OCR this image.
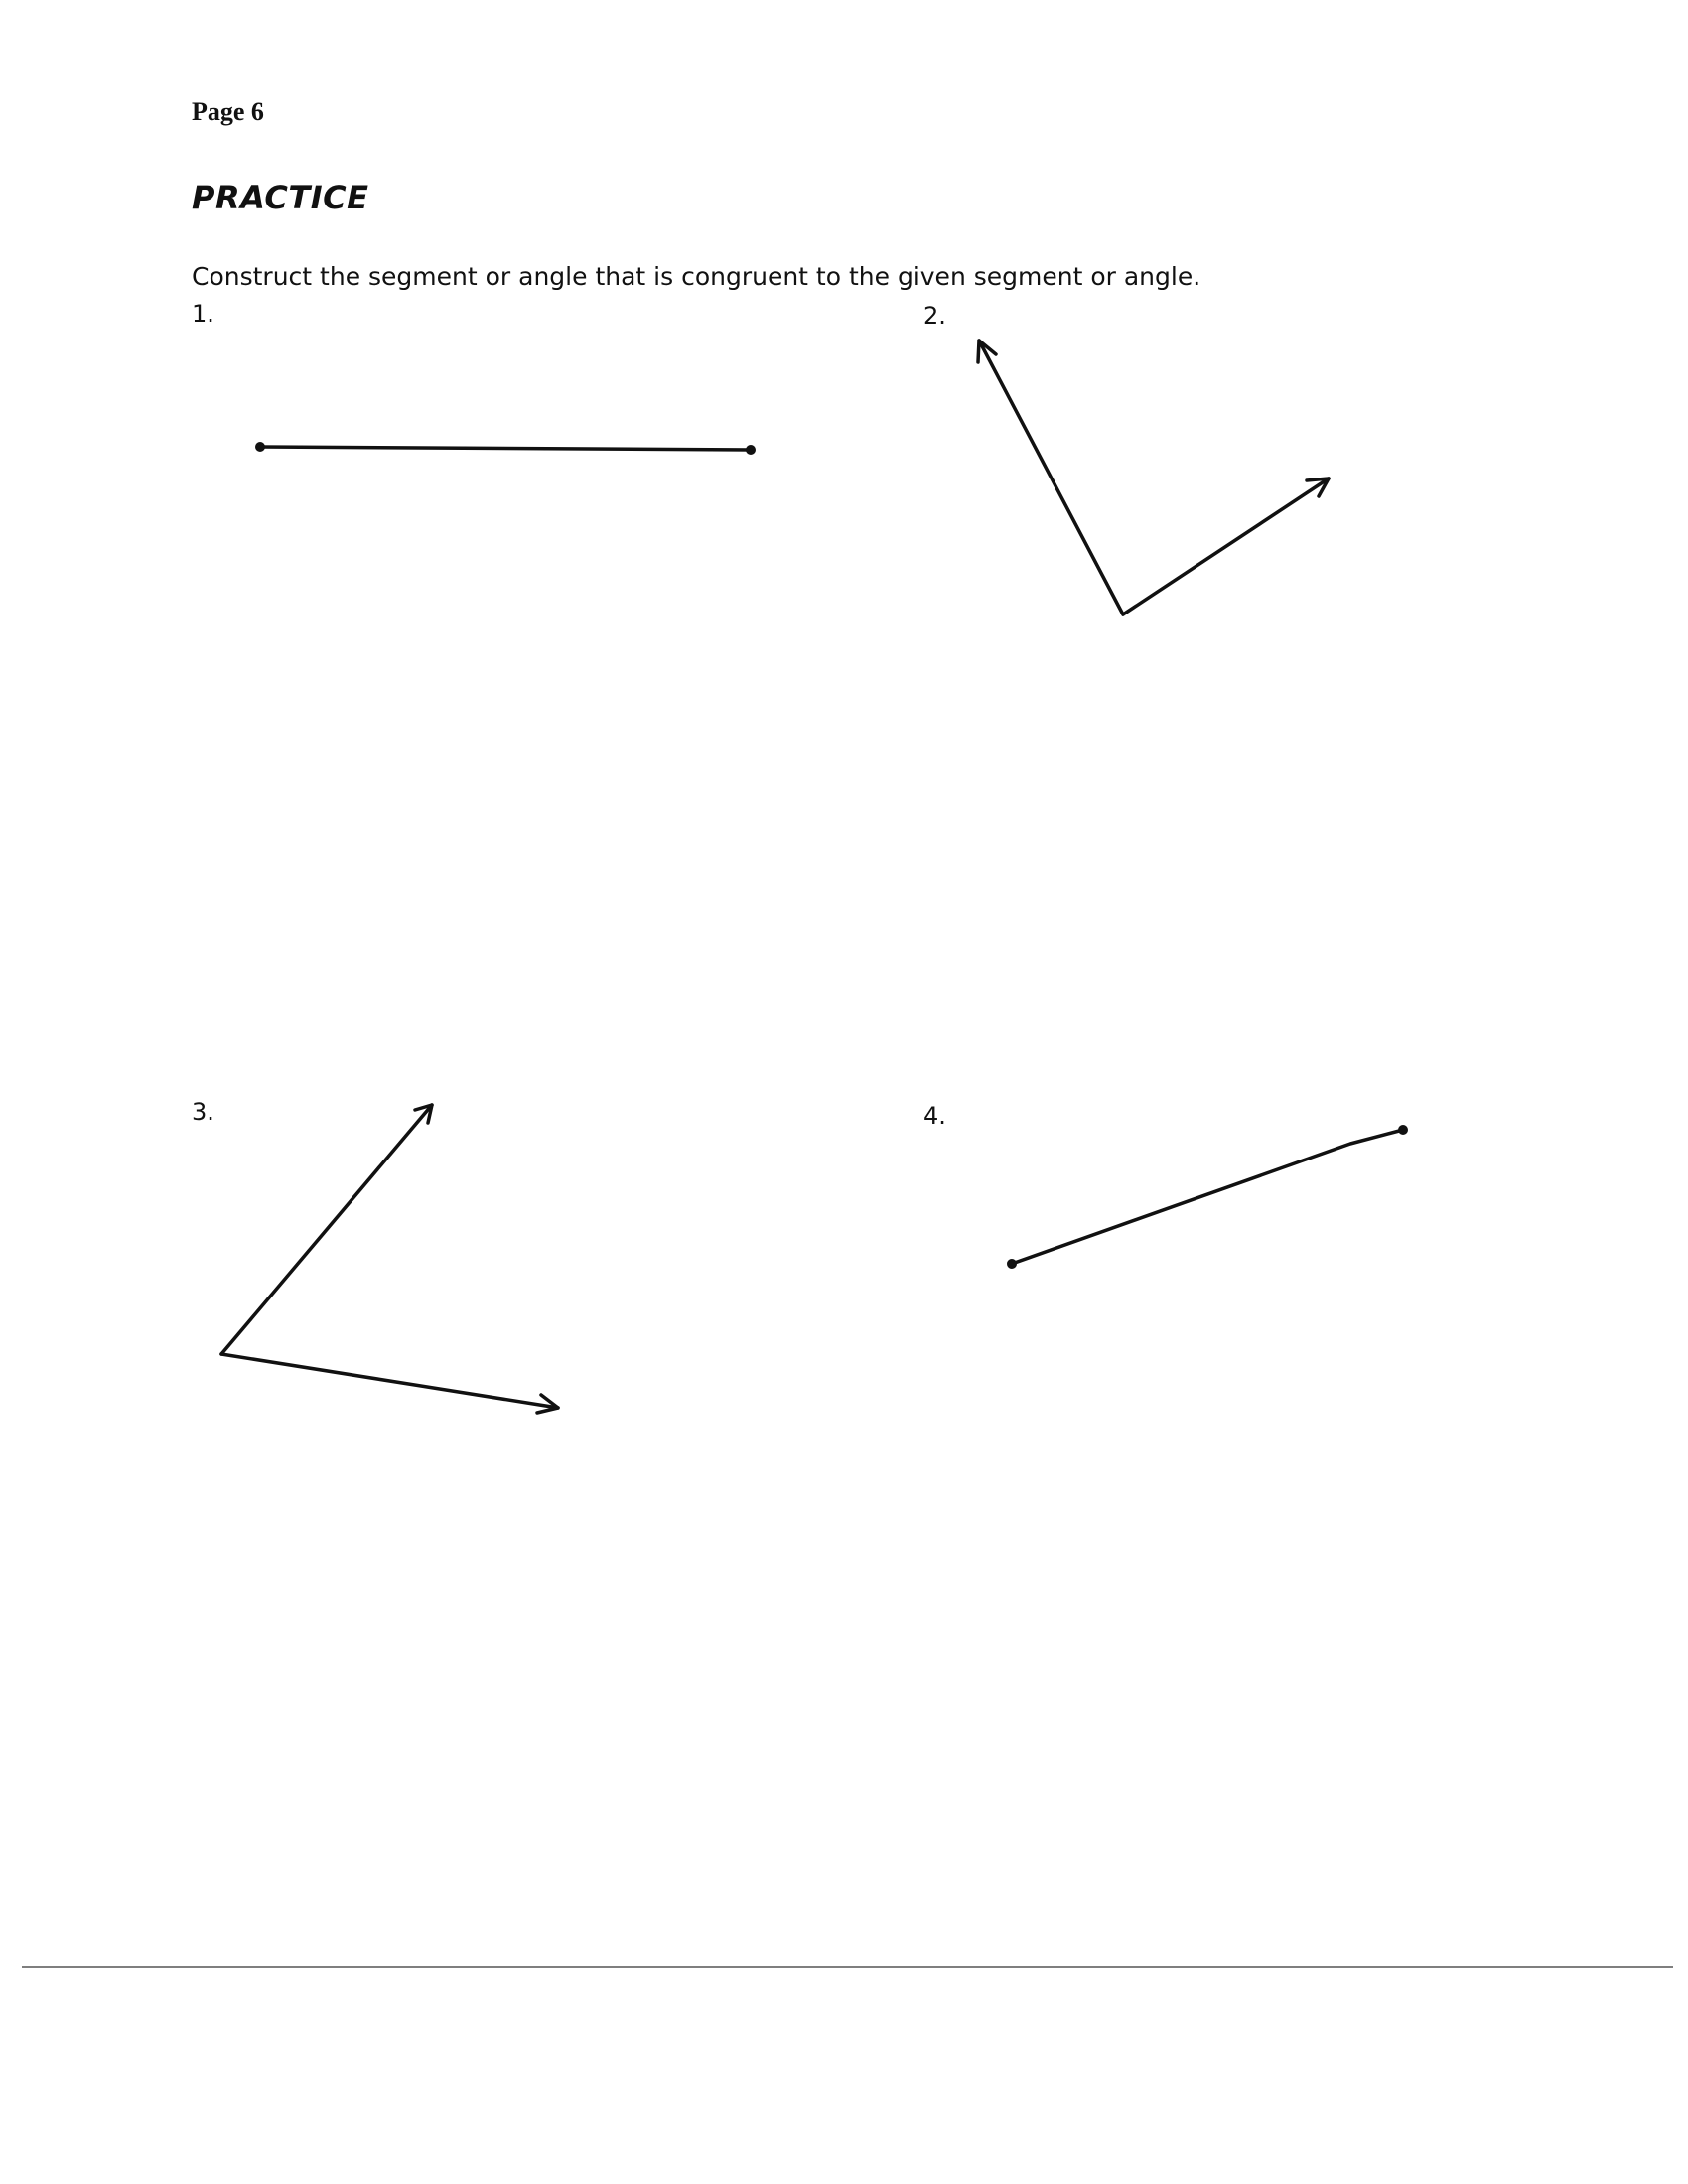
Page 6
PRACTICE
Construct the segment or angle that is congruent to the given segment or angle.
1.	2.
3.	4.
